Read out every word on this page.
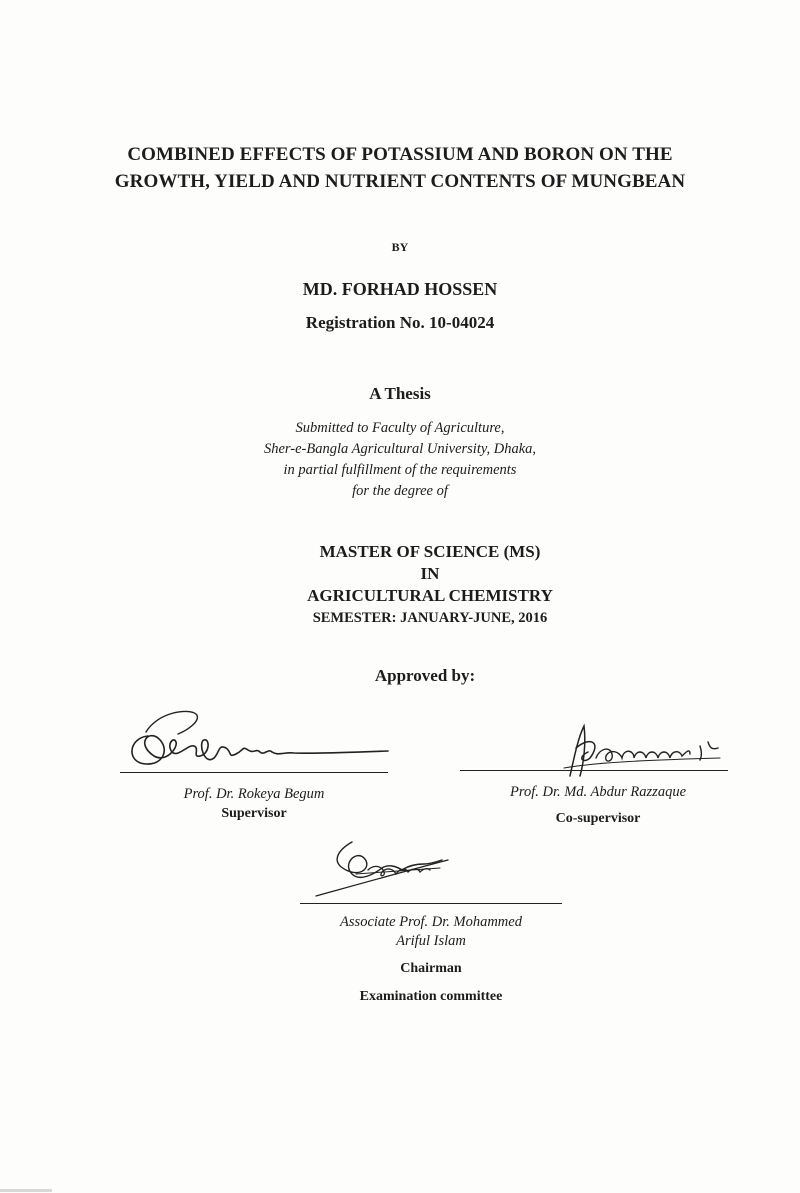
COMBINED EFFECTS OF POTASSIUM AND BORON ON THE
GROWTH, YIELD AND NUTRIENT CONTENTS OF MUNGBEAN
BY
MD. FORHAD HOSSEN
Registration No. 10-04024
A Thesis
Submitted to Faculty of Agriculture,
Sher-e-Bangla Agricultural University, Dhaka,
in partial fulfillment of the requirements
for the degree of
MASTER OF SCIENCE (MS)
IN
AGRICULTURAL CHEMISTRY
SEMESTER: JANUARY-JUNE, 2016
Approved by:
Prof. Dr. Rokeya Begum
Supervisor
Prof. Dr. Md. Abdur Razzaque
Co-supervisor
Associate Prof. Dr. Mohammed
Ariful Islam
Chairman
Examination committee
